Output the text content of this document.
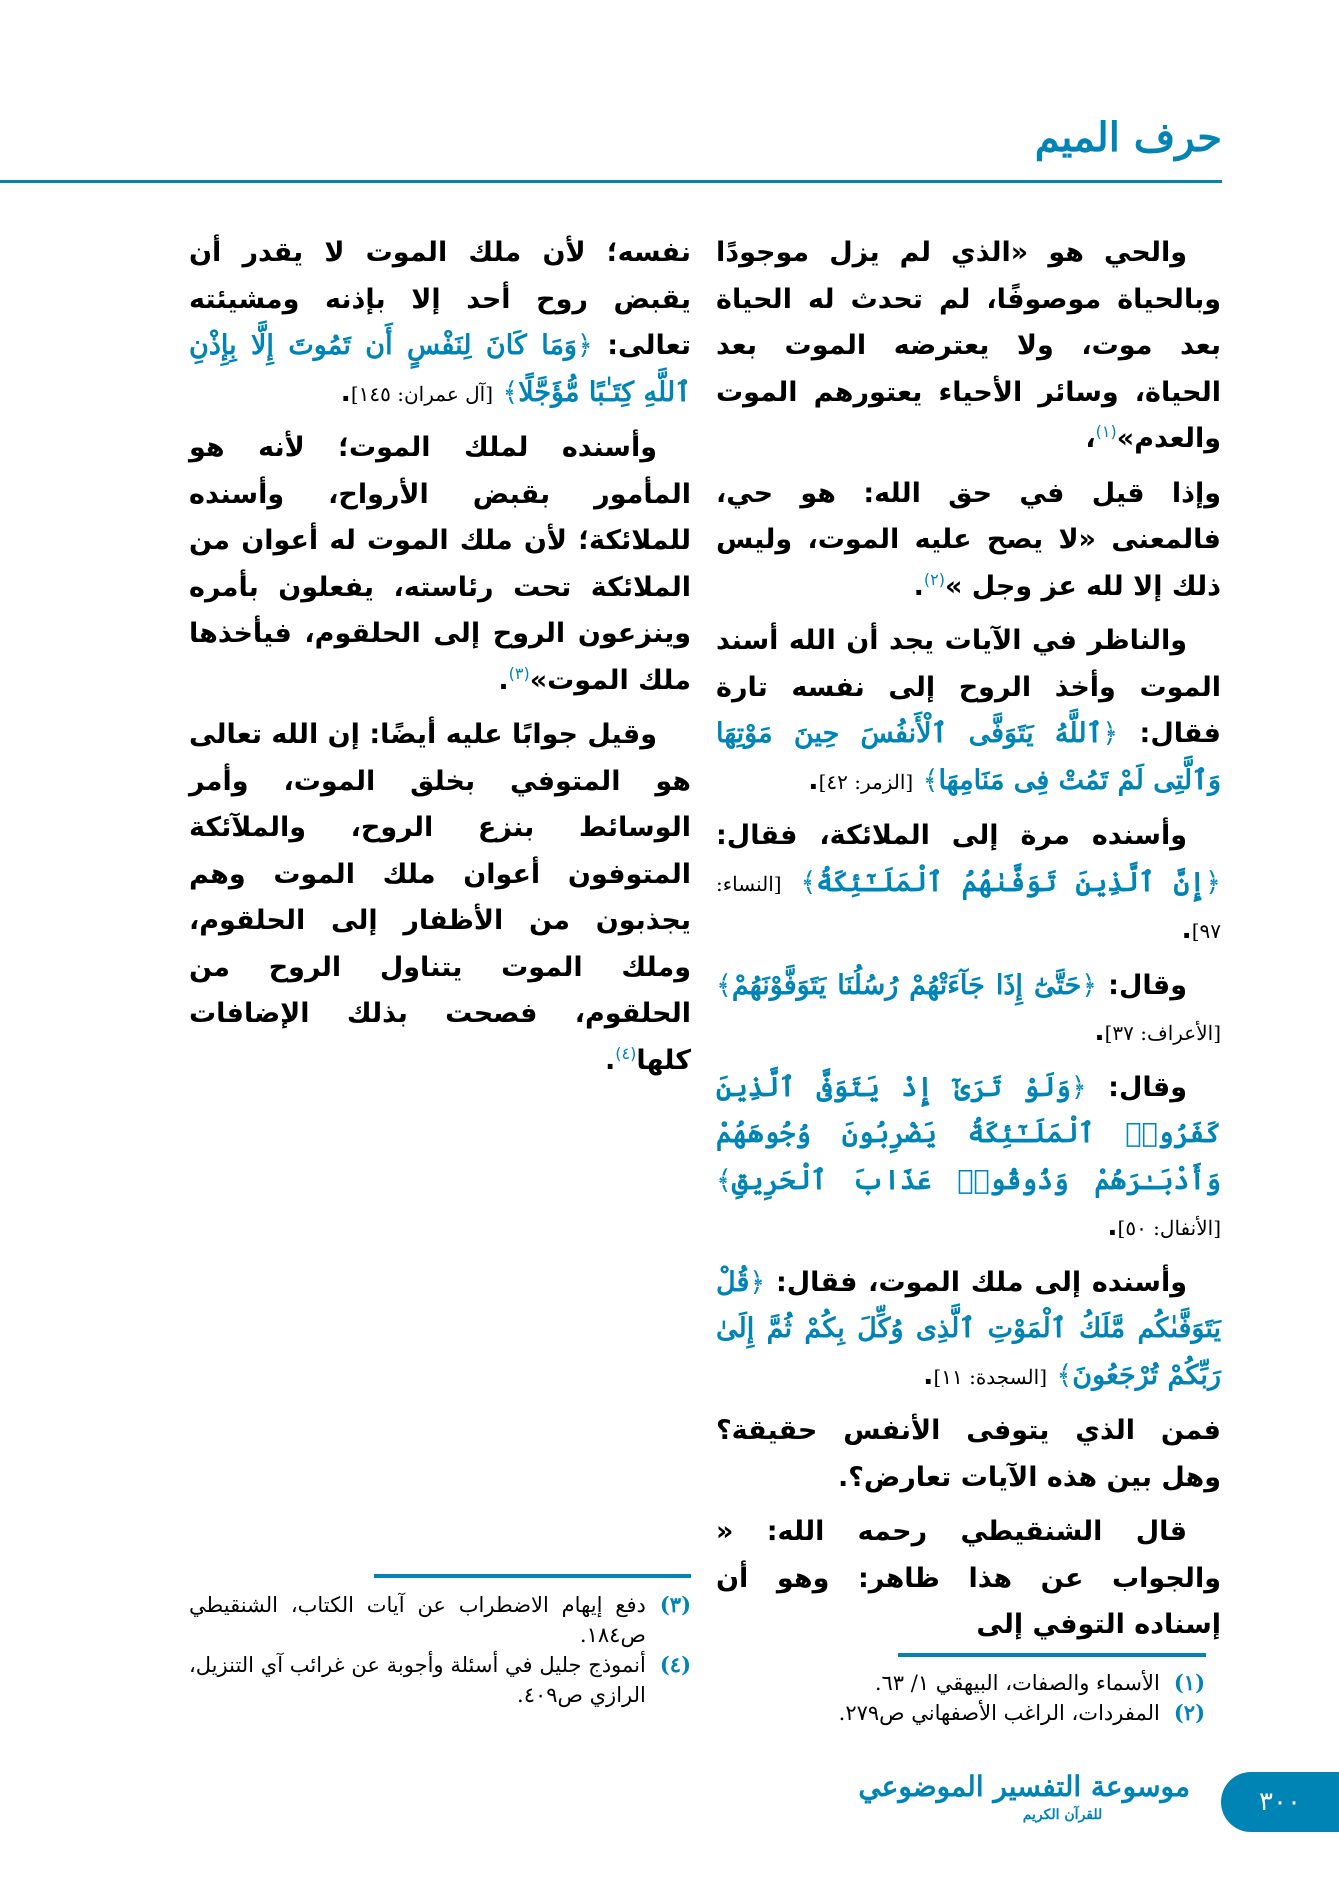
حرف الميم

والحي هو «الذي لم يزل موجودًا وبالحياة موصوفًا، لم تحدث له الحياة بعد موت، ولا يعترضه الموت بعد الحياة، وسائر الأحياء يعتورهم الموت والعدم»$^{(١)}$،

وإذا قيل في حق الله: هو حي، فالمعنى «لا يصح عليه الموت، وليس ذلك إلا لله عز وجل »$^{(٢)}$.

والناظر في الآيات يجد أن الله أسند الموت وأخذ الروح إلى نفسه تارة فقال: ﴿ٱللَّهُ يَتَوَفَّى ٱلْأَنفُسَ حِينَ مَوْتِهَا وَٱلَّتِى لَمْ تَمُتْ فِى مَنَامِهَا﴾ [الزمر: ٤٢].

وأسنده مرة إلى الملائكة، فقال: ﴿إِنَّ ٱلَّذِينَ تَوَفَّىٰهُمُ ٱلْمَلَـٰٓئِكَةُ﴾ [النساء: ٩٧].

وقال: ﴿حَتَّىٰٓ إِذَا جَآءَتْهُمْ رُسُلُنَا يَتَوَفَّوْنَهُمْ﴾ [الأعراف: ٣٧].

وقال: ﴿وَلَوْ تَرَىٰٓ إِذْ يَتَوَفَّى ٱلَّذِينَ كَفَرُوا۟ ٱلْمَلَـٰٓئِكَةُ يَضْرِبُونَ وُجُوهَهُمْ وَأَدْبَـٰرَهُمْ وَذُوقُوا۟ عَذَابَ ٱلْحَرِيقِ﴾ [الأنفال: ٥٠].

وأسنده إلى ملك الموت، فقال: ﴿قُلْ يَتَوَفَّىٰكُم مَّلَكُ ٱلْمَوْتِ ٱلَّذِى وُكِّلَ بِكُمْ ثُمَّ إِلَىٰ رَبِّكُمْ تُرْجَعُونَ﴾ [السجدة: ١١].

فمن الذي يتوفى الأنفس حقيقة؟ وهل بين هذه الآيات تعارض؟.

قال الشنقيطي رحمه الله: « والجواب عن هذا ظاهر: وهو أن إسناده التوفي إلى

نفسه؛ لأن ملك الموت لا يقدر أن يقبض روح أحد إلا بإذنه ومشيئته تعالى: ﴿وَمَا كَانَ لِنَفْسٍ أَن تَمُوتَ إِلَّا بِإِذْنِ ٱللَّهِ كِتَـٰبًا مُّؤَجَّلًا﴾ [آل عمران: ١٤٥].

وأسنده لملك الموت؛ لأنه هو المأمور بقبض الأرواح، وأسنده للملائكة؛ لأن ملك الموت له أعوان من الملائكة تحت رئاسته، يفعلون بأمره وينزعون الروح إلى الحلقوم، فيأخذها ملك الموت»$^{(٣)}$.

وقيل جوابًا عليه أيضًا: إن الله تعالى هو المتوفي بخلق الموت، وأمر الوسائط بنزع الروح، والملآئكة المتوفون أعوان ملك الموت وهم يجذبون من الأظفار إلى الحلقوم، وملك الموت يتناول الروح من الحلقوم، فصحت بذلك الإضافات كلها$^{(٤)}$.

(٣)
دفع إيهام الاضطراب عن آيات الكتاب، الشنقيطي ص١٨٤.
(٤)
أنموذج جليل في أسئلة وأجوبة عن غرائب آي التنزيل، الرازي ص٤٠٩.	(١)
الأسماء والصفات، البيهقي ١/ ٦٣.
(٢)
المفردات، الراغب الأصفهاني ص٢٧٩.
موسوعة التفسير الموضوعي
للقرآن الكريم	٣٠٠
